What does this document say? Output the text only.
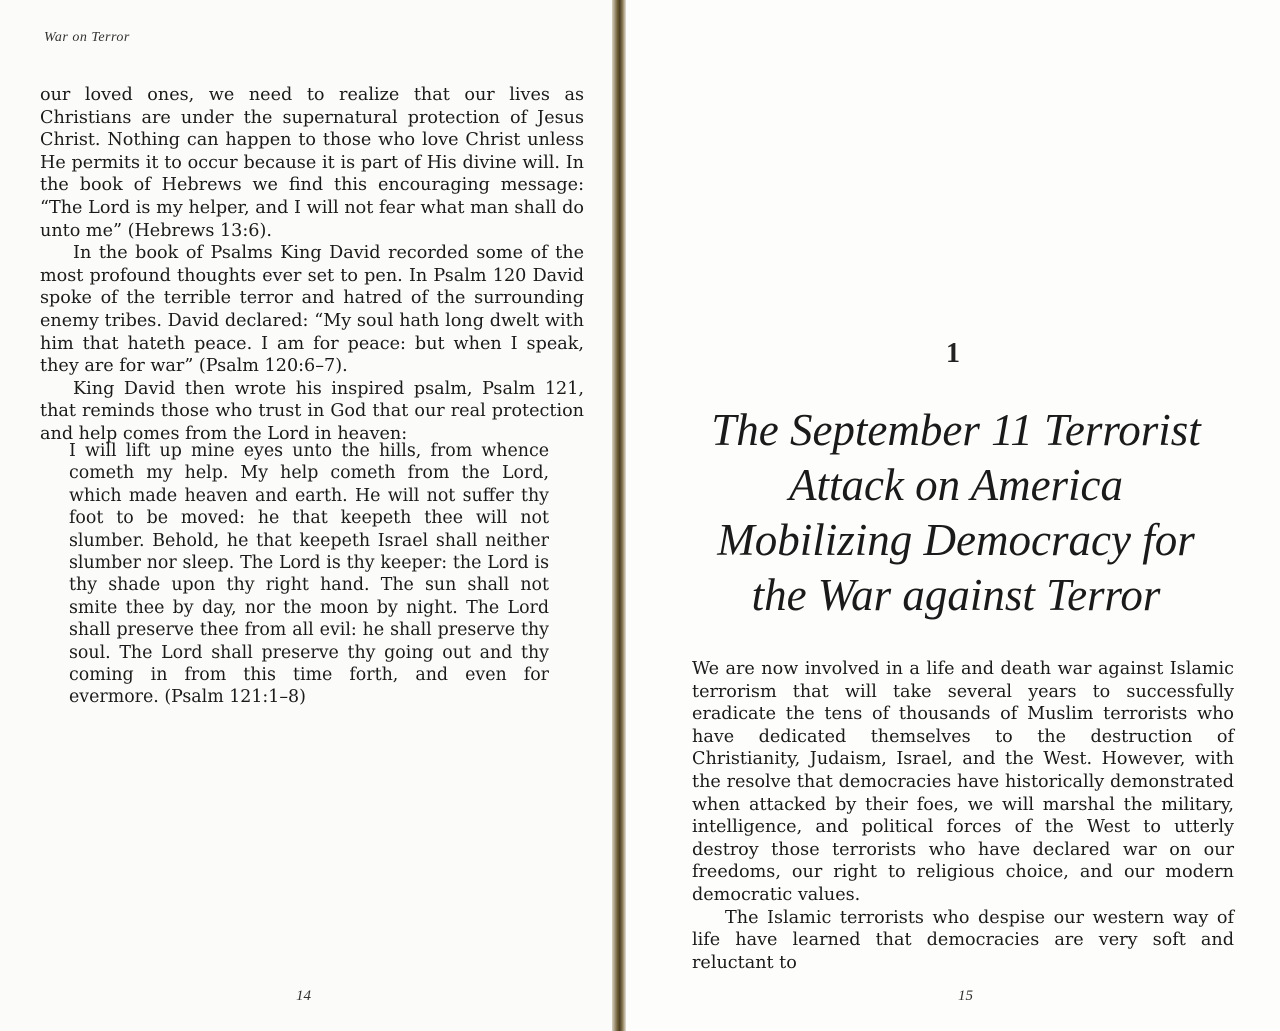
War on Terror

our loved ones, we need to realize that our lives as Christians are under the supernatural protection of Jesus Christ. Nothing can happen to those who love Christ unless He permits it to occur because it is part of His divine will. In the book of Hebrews we find this encouraging message: “The Lord is my helper, and I will not fear what man shall do unto me” (Hebrews 13:6).

In the book of Psalms King David recorded some of the most profound thoughts ever set to pen. In Psalm 120 David spoke of the terrible terror and hatred of the surrounding enemy tribes. David declared: “My soul hath long dwelt with him that hateth peace. I am for peace: but when I speak, they are for war” (Psalm 120:6–7).

King David then wrote his inspired psalm, Psalm 121, that reminds those who trust in God that our real protection and help comes from the Lord in heaven:

I will lift up mine eyes unto the hills, from whence cometh my help. My help cometh from the Lord, which made heaven and earth. He will not suffer thy foot to be moved: he that keepeth thee will not slumber. Behold, he that keepeth Israel shall neither slumber nor sleep. The Lord is thy keeper: the Lord is thy shade upon thy right hand. The sun shall not smite thee by day, nor the moon by night. The Lord shall preserve thee from all evil: he shall preserve thy soul. The Lord shall preserve thy going out and thy coming in from this time forth, and even for evermore. (Psalm 121:1–8)
14
1
The September 11 Terrorist
Attack on America
Mobilizing Democracy for
the War against Terror

We are now involved in a life and death war against Islamic terrorism that will take several years to successfully eradicate the tens of thousands of Muslim terrorists who have dedicated themselves to the destruction of Christianity, Judaism, Israel, and the West. However, with the resolve that democracies have historically demonstrated when attacked by their foes, we will marshal the military, intelligence, and political forces of the West to utterly destroy those terrorists who have declared war on our freedoms, our right to religious choice, and our modern democratic values.

The Islamic terrorists who despise our western way of life have learned that democracies are very soft and reluctant to

15
